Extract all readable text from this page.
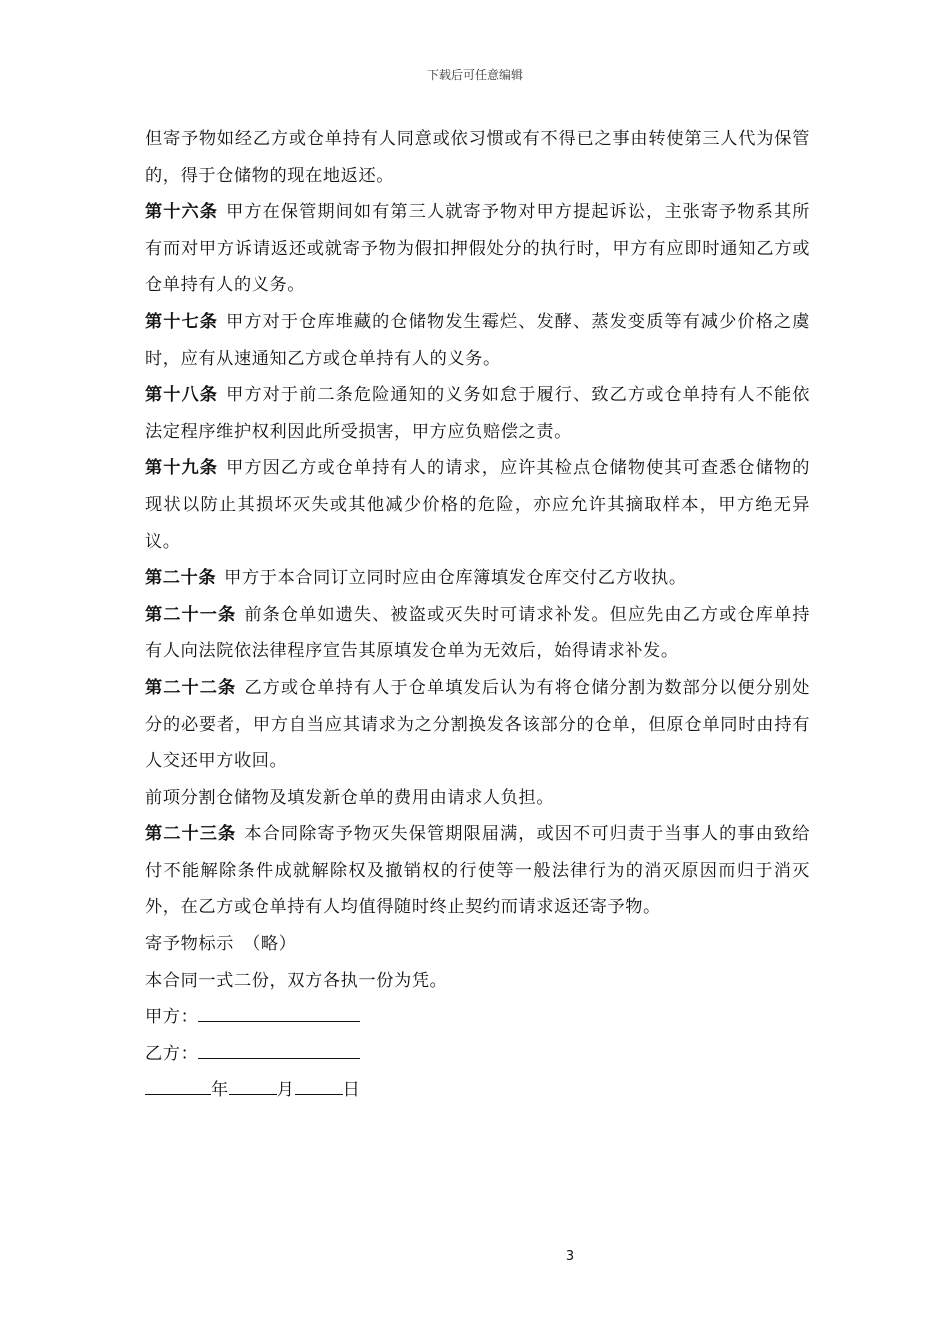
下载后可任意编辑

但寄予物如经乙方或仓单持有人同意或依习惯或有不得已之事由转使第三人代为保管的，得于仓储物的现在地返还。

第十六条 甲方在保管期间如有第三人就寄予物对甲方提起诉讼，主张寄予物系其所有而对甲方诉请返还或就寄予物为假扣押假处分的执行时，甲方有应即时通知乙方或仓单持有人的义务。

第十七条 甲方对于仓库堆藏的仓储物发生霉烂、发酵、蒸发变质等有减少价格之虞时，应有从速通知乙方或仓单持有人的义务。

第十八条 甲方对于前二条危险通知的义务如怠于履行、致乙方或仓单持有人不能依法定程序维护权利因此所受损害，甲方应负赔偿之责。

第十九条 甲方因乙方或仓单持有人的请求，应许其检点仓储物使其可查悉仓储物的现状以防止其损坏灭失或其他减少价格的危险，亦应允许其摘取样本，甲方绝无异议。

第二十条 甲方于本合同订立同时应由仓库簿填发仓库交付乙方收执。

第二十一条 前条仓单如遗失、被盗或灭失时可请求补发。但应先由乙方或仓库单持有人向法院依法律程序宣告其原填发仓单为无效后，始得请求补发。

第二十二条 乙方或仓单持有人于仓单填发后认为有将仓储分割为数部分以便分别处分的必要者，甲方自当应其请求为之分割换发各该部分的仓单，但原仓单同时由持有人交还甲方收回。

前项分割仓储物及填发新仓单的费用由请求人负担。

第二十三条 本合同除寄予物灭失保管期限届满，或因不可归责于当事人的事由致给付不能解除条件成就解除权及撤销权的行使等一般法律行为的消灭原因而归于消灭外，在乙方或仓单持有人均值得随时终止契约而请求返还寄予物。

寄予物标示　（略）

本合同一式二份，双方各执一份为凭。

甲方：

乙方：

年	月	日

3
